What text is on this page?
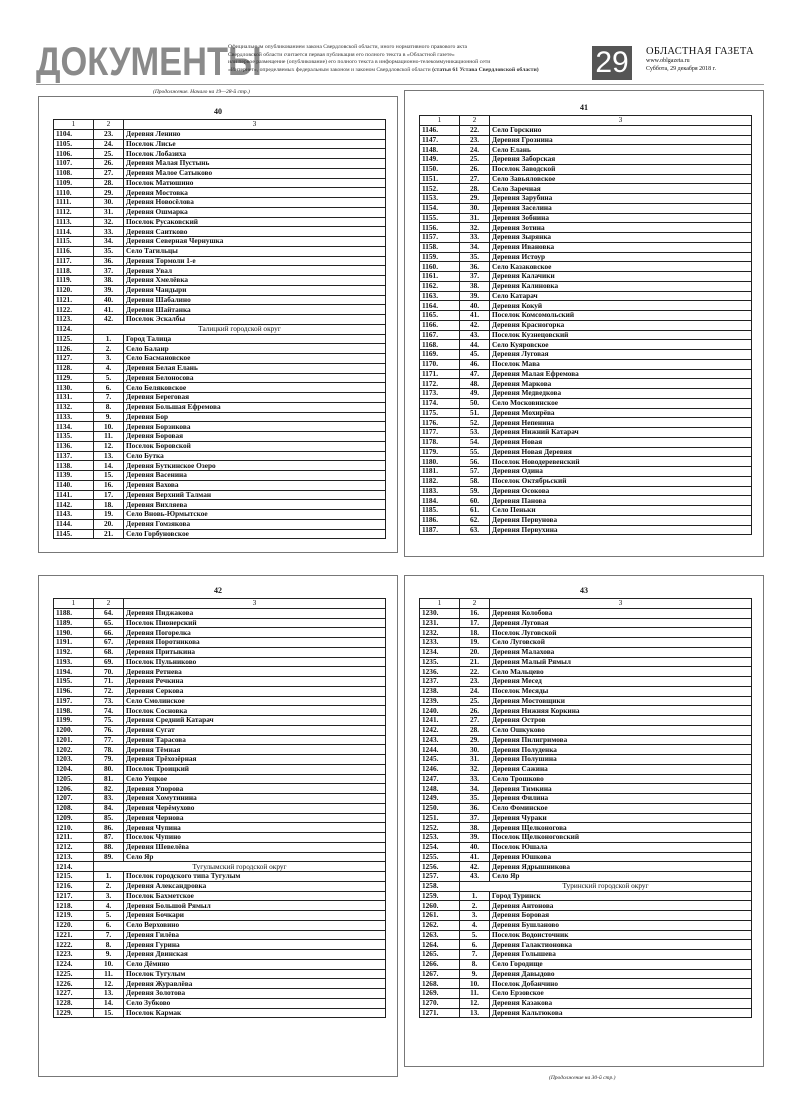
ДОКУМЕНТЫ
Официальным опубликованием закона Свердловской области, иного нормативного правового акта
Свердловской области считается первая публикация его полного текста в «Областной газете»
или первое размещение (опубликование) его полного текста в информационно-телекоммуникационной сети
«Интернет», определяемых федеральным законом и законом Свердловской области (статья 61 Устава Свердловской области)	29	ОБЛАСТНАЯ ГАЗЕТА
www.oblgazeta.ru
Суббота, 29 декабря 2018 г.
(Продолжение. Начало на 19—28-й стр.)
40
1	2	3
1104.	23.	Деревня Ленино
1105.	24.	Поселок Лисье
1106.	25.	Поселок Лобазиха
1107.	26.	Деревня Малая Пустынь
1108.	27.	Деревня Малое Сатыково
1109.	28.	Поселок Матюшино
1110.	29.	Деревня Мостовка
1111.	30.	Деревня Новосёлова
1112.	31.	Деревня Ошмарка
1113.	32.	Поселок Русаковский
1114.	33.	Деревня Саитково
1115.	34.	Деревня Северная Чернушка
1116.	35.	Село Тагильцы
1117.	36.	Деревня Тормоли 1-е
1118.	37.	Деревня Увал
1119.	38.	Деревня Хмелёвка
1120.	39.	Деревня Чандыри
1121.	40.	Деревня Шабалино
1122.	41.	Деревня Шайтанка
1123.	42.	Поселок Эскалбы
1124.	Талицкий городской округ	
1125.	1.	Город Талица
1126.	2.	Село Балаир
1127.	3.	Село Басмановское
1128.	4.	Деревня Белая Елань
1129.	5.	Деревня Белоносова
1130.	6.	Село Беляковское
1131.	7.	Деревня Береговая
1132.	8.	Деревня Большая Ефремова
1133.	9.	Деревня Бор
1134.	10.	Деревня Борзикова
1135.	11.	Деревня Боровая
1136.	12.	Поселок Боровской
1137.	13.	Село Бутка
1138.	14.	Деревня Буткинское Озеро
1139.	15.	Деревня Васенина
1140.	16.	Деревня Вахова
1141.	17.	Деревня Верхний Талман
1142.	18.	Деревня Вихляева
1143.	19.	Село Вновь-Юрмытское
1144.	20.	Деревня Гомзякова
1145.	21.	Село Горбуновское
41
1	2	3
1146.	22.	Село Горскино
1147.	23.	Деревня Грознина
1148.	24.	Село Елань
1149.	25.	Деревня Заборская
1150.	26.	Поселок Заводской
1151.	27.	Село Завьяловское
1152.	28.	Село Заречная
1153.	29.	Деревня Зарубина
1154.	30.	Деревня Заселина
1155.	31.	Деревня Зобнина
1156.	32.	Деревня Зотина
1157.	33.	Деревня Зырянка
1158.	34.	Деревня Ивановка
1159.	35.	Деревня Истоур
1160.	36.	Село Казаковское
1161.	37.	Деревня Калачики
1162.	38.	Деревня Калиновка
1163.	39.	Село Катарач
1164.	40.	Деревня Кокуй
1165.	41.	Поселок Комсомольский
1166.	42.	Деревня Красногорка
1167.	43.	Поселок Кузнецовский
1168.	44.	Село Куяровское
1169.	45.	Деревня Луговая
1170.	46.	Поселок Мава
1171.	47.	Деревня Малая Ефремова
1172.	48.	Деревня Маркова
1173.	49.	Деревня Медведкова
1174.	50.	Село Московинское
1175.	51.	Деревня Мохирёва
1176.	52.	Деревня Непенина
1177.	53.	Деревня Нижний Катарач
1178.	54.	Деревня Новая
1179.	55.	Деревня Новая Деревня
1180.	56.	Поселок Новодеревенский
1181.	57.	Деревня Одина
1182.	58.	Поселок Октябрьский
1183.	59.	Деревня Осокова
1184.	60.	Деревня Панова
1185.	61.	Село Пеньки
1186.	62.	Деревня Первунова
1187.	63.	Деревня Первухина
42
1	2	3
1188.	64.	Деревня Пиджакова
1189.	65.	Поселок Пионерский
1190.	66.	Деревня Погорелка
1191.	67.	Деревня Поротникова
1192.	68.	Деревня Притыкина
1193.	69.	Поселок Пульниково
1194.	70.	Деревня Ретнева
1195.	71.	Деревня Речкина
1196.	72.	Деревня Серкова
1197.	73.	Село Смолинское
1198.	74.	Поселок Сосновка
1199.	75.	Деревня Средний Катарач
1200.	76.	Деревня Сугат
1201.	77.	Деревня Тарасова
1202.	78.	Деревня Тёмная
1203.	79.	Деревня Трёхозёрная
1204.	80.	Поселок Троицкий
1205.	81.	Село Уецкое
1206.	82.	Деревня Упорова
1207.	83.	Деревня Хомутинина
1208.	84.	Деревня Черёмухово
1209.	85.	Деревня Чернова
1210.	86.	Деревня Чупина
1211.	87.	Поселок Чупино
1212.	88.	Деревня Шевелёва
1213.	89.	Село Яр
1214.	Тугулымский городской округ	
1215.	1.	Поселок городского типа Тугулым
1216.	2.	Деревня Александровка
1217.	3.	Поселок Бахметское
1218.	4.	Деревня Большой Рямыл
1219.	5.	Деревня Бочкари
1220.	6.	Село Верховино
1221.	7.	Деревня Гилёва
1222.	8.	Деревня Гурина
1223.	9.	Деревня Двинская
1224.	10.	Село Дёмино
1225.	11.	Поселок Тугулым
1226.	12.	Деревня Журавлёва
1227.	13.	Деревня Золотова
1228.	14.	Село Зубково
1229.	15.	Поселок Кармак
43
1	2	3
1230.	16.	Деревня Колобова
1231.	17.	Деревня Луговая
1232.	18.	Поселок Луговской
1233.	19.	Село Луговской
1234.	20.	Деревня Малахова
1235.	21.	Деревня Малый Рямыл
1236.	22.	Село Мальцево
1237.	23.	Деревня Месед
1238.	24.	Поселок Месяды
1239.	25.	Деревня Мостовщики
1240.	26.	Деревня Нижняя Коркина
1241.	27.	Деревня Остров
1242.	28.	Село Ошкуково
1243.	29.	Деревня Пилигримова
1244.	30.	Деревня Полуденка
1245.	31.	Деревня Полушина
1246.	32.	Деревня Сажина
1247.	33.	Село Трошково
1248.	34.	Деревня Тимкина
1249.	35.	Деревня Филина
1250.	36.	Село Фоминское
1251.	37.	Деревня Чураки
1252.	38.	Деревня Щелконогова
1253.	39.	Поселок Щелконоговский
1254.	40.	Поселок Юшала
1255.	41.	Деревня Юшкова
1256.	42.	Деревня Ядрышникова
1257.	43.	Село Яр
1258.	Туринский городской округ	
1259.	1.	Город Туринск
1260.	2.	Деревня Антонова
1261.	3.	Деревня Боровая
1262.	4.	Деревня Бушланово
1263.	5.	Поселок Водоисточник
1264.	6.	Деревня Галактионовка
1265.	7.	Деревня Голышева
1266.	8.	Село Городище
1267.	9.	Деревня Давыдово
1268.	10.	Поселок Добанчино
1269.	11.	Село Ерзовское
1270.	12.	Деревня Казакова
1271.	13.	Деревня Кальтюкова
(Продолжение на 30-й стр.)
